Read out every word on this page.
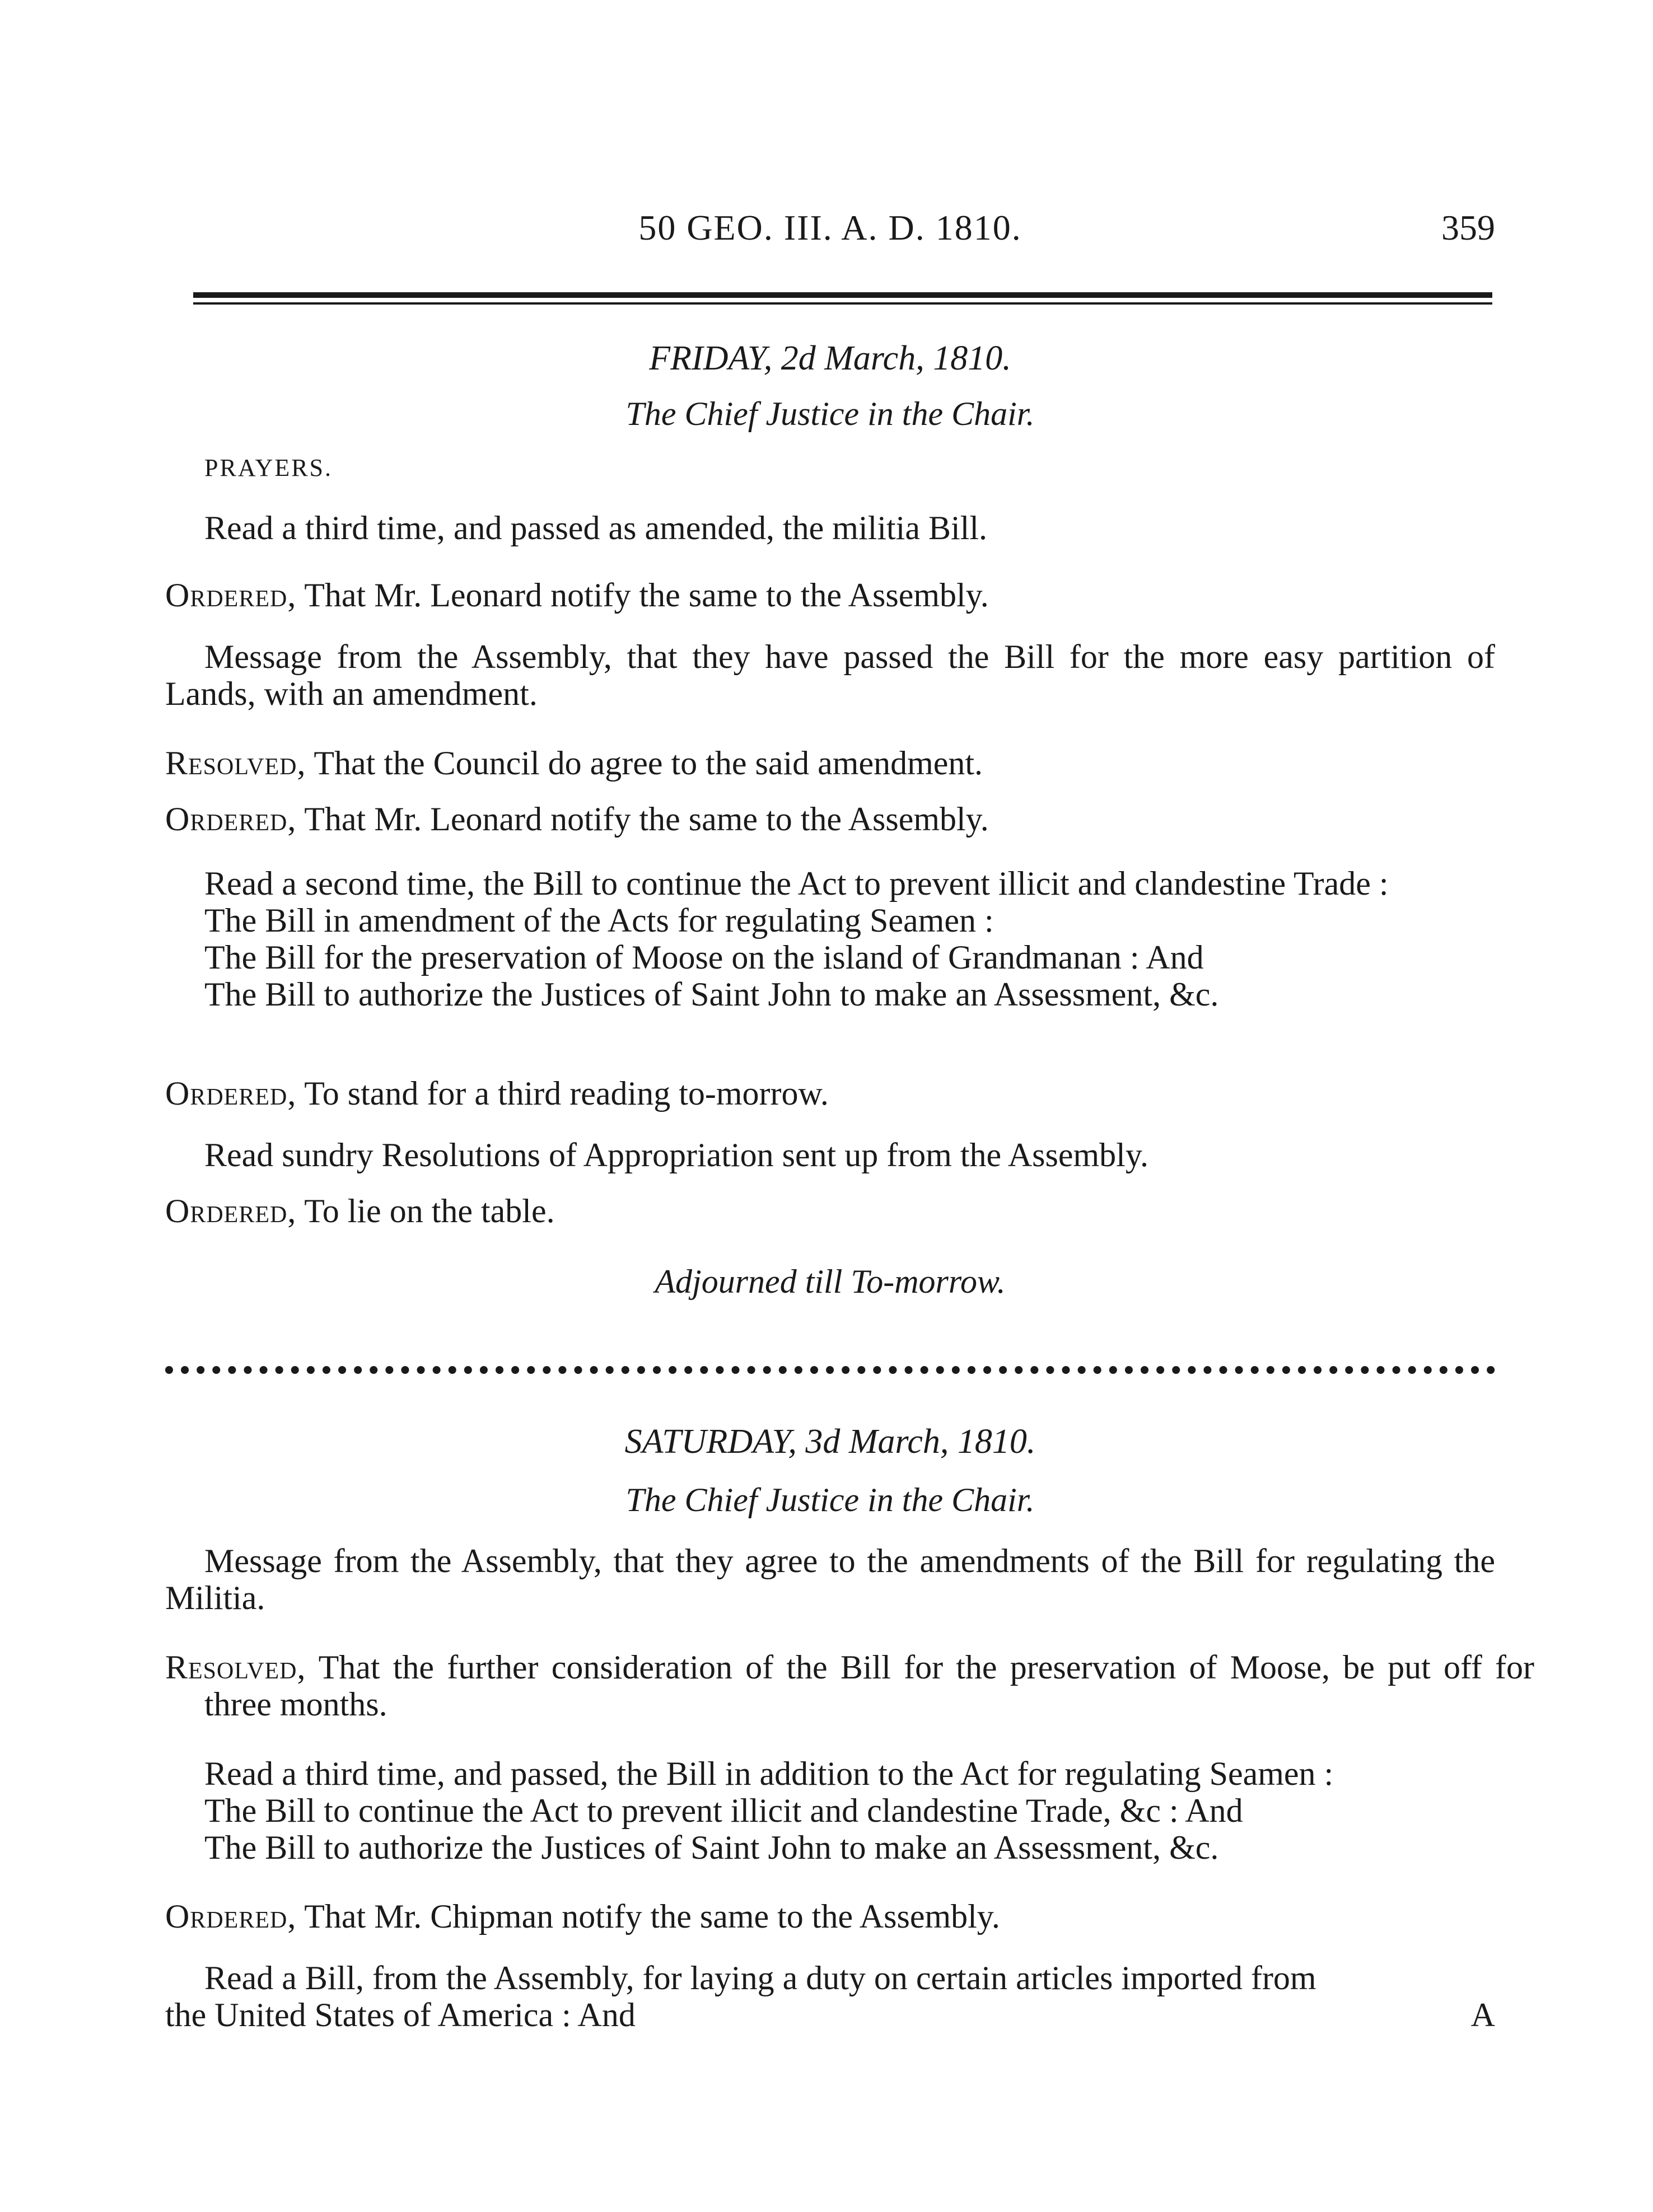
50 GEO. III. A. D. 1810.	359
FRIDAY, 2d March, 1810.
The Chief Justice in the Chair.
PRAYERS.
Read a third time, and passed as amended, the militia Bill.
Ordered, That Mr. Leonard notify the same to the Assembly.
Message from the Assembly, that they have passed the Bill for the more easy partition of Lands, with an amendment.
Resolved, That the Council do agree to the said amendment.
Ordered, That Mr. Leonard notify the same to the Assembly.
Read a second time, the Bill to continue the Act to prevent illicit and clandestine Trade :
The Bill in amendment of the Acts for regulating Seamen :
The Bill for the preservation of Moose on the island of Grandmanan : And
The Bill to authorize the Justices of Saint John to make an Assessment, &c.
Ordered, To stand for a third reading to-morrow.
Read sundry Resolutions of Appropriation sent up from the Assembly.
Ordered, To lie on the table.
Adjourned till To-morrow.
SATURDAY, 3d March, 1810.
The Chief Justice in the Chair.
Message from the Assembly, that they agree to the amendments of the Bill for regulating the Militia.
Resolved, That the further consideration of the Bill for the preservation of Moose, be put off for three months.
Read a third time, and passed, the Bill in addition to the Act for regulating Seamen :
The Bill to continue the Act to prevent illicit and clandestine Trade, &c : And
The Bill to authorize the Justices of Saint John to make an Assessment, &c.
Ordered, That Mr. Chipman notify the same to the Assembly.
Read a Bill, from the Assembly, for laying a duty on certain articles imported from
the United States of America : And	A
